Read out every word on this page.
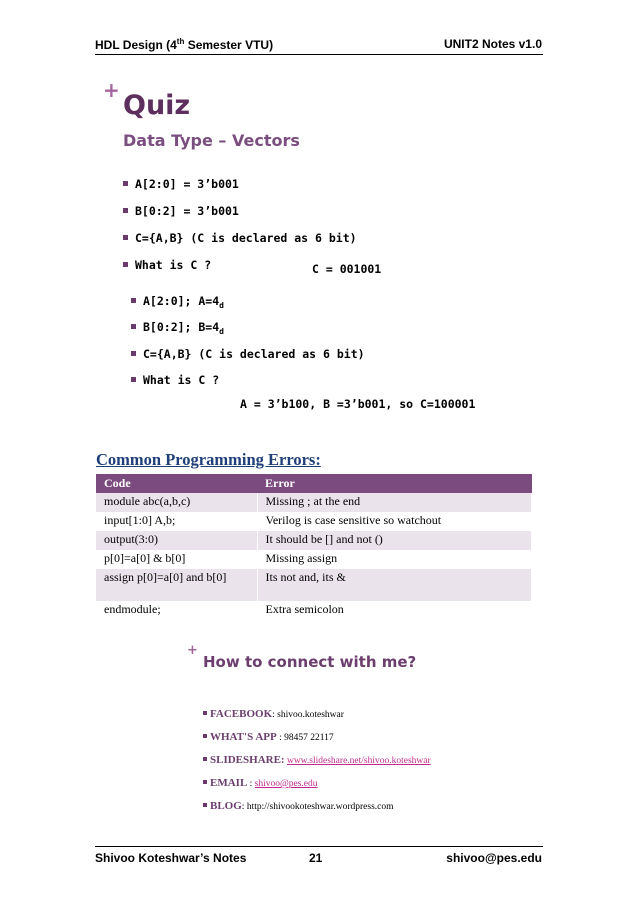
HDL Design (4th Semester VTU)	UNIT2 Notes v1.0
+ Quiz
Data Type – Vectors
A[2:0] = 3’b001
B[0:2] = 3’b001
C={A,B} (C is declared as 6 bit)
What is C ?	C = 001001
A[2:0]; $A=4_d$
B[0:2]; $B=4_d$
C={A,B} (C is declared as 6 bit)
What is C ?
A = 3’b100, B =3’b001, so C=100001
Common Programming Errors:
Code	Error
module abc(a,b,c)	Missing ; at the end
input[1:0] A,b;	Verilog is case sensitive so watchout
output(3:0)	It should be [] and not ()
p[0]=a[0] & b[0]	Missing assign
assign p[0]=a[0] and b[0]	Its not and, its &
endmodule;	Extra semicolon
+
How to connect with me?
FACEBOOK: shivoo.koteshwar
WHAT'S APP : 98457 22117
SLIDESHARE: www.slideshare.net/shivoo.koteshwar
EMAIL : shivoo@pes.edu
BLOG: http://shivookoteshwar.wordpress.com
Shivoo Koteshwar’s Notes	21	shivoo@pes.edu
